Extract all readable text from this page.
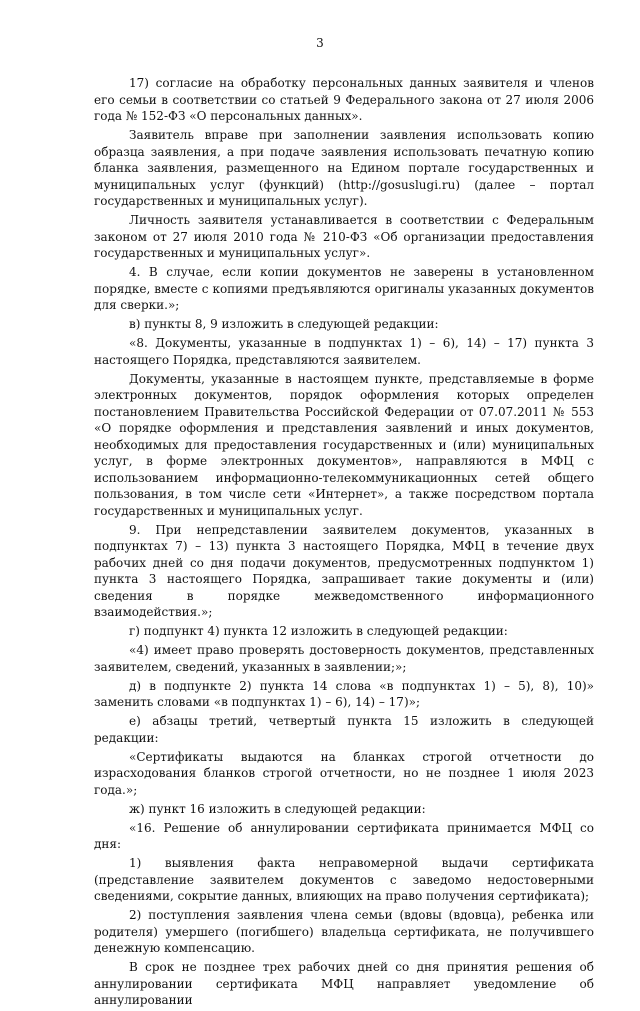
3

17) согласие на обработку персональных данных заявителя и членов его семьи в соответствии со статьей 9 Федерального закона от 27 июля 2006 года № 152-ФЗ «О персональных данных».

Заявитель вправе при заполнении заявления использовать копию образца заявления, а при подаче заявления использовать печатную копию бланка заявления, размещенного на Едином портале государственных и муниципальных услуг (функций) (http://gosuslugi.ru) (далее – портал государственных и муниципальных услуг).

Личность заявителя устанавливается в соответствии с Федеральным законом от 27 июля 2010 года № 210-ФЗ «Об организации предоставления государственных и муниципальных услуг».

4. В случае, если копии документов не заверены в установленном порядке, вместе с копиями предъявляются оригиналы указанных документов для сверки.»;

в) пункты 8, 9 изложить в следующей редакции:

«8. Документы, указанные в подпунктах 1) – 6), 14) – 17) пункта 3 настоящего Порядка, представляются заявителем.

Документы, указанные в настоящем пункте, представляемые в форме электронных документов, порядок оформления которых определен постановлением Правительства Российской Федерации от 07.07.2011 № 553 «О порядке оформления и представления заявлений и иных документов, необходимых для предоставления государственных и (или) муниципальных услуг, в форме электронных документов», направляются в МФЦ с использованием информационно-телекоммуникационных сетей общего пользования, в том числе сети «Интернет», а также посредством портала государственных и муниципальных услуг.

9. При непредставлении заявителем документов, указанных в подпунктах 7) – 13) пункта 3 настоящего Порядка, МФЦ в течение двух рабочих дней со дня подачи документов, предусмотренных подпунктом 1) пункта 3 настоящего Порядка, запрашивает такие документы и (или) сведения в порядке межведомственного информационного взаимодействия.»;

г) подпункт 4) пункта 12 изложить в следующей редакции:

«4) имеет право проверять достоверность документов, представленных заявителем, сведений, указанных в заявлении;»;

д) в подпункте 2) пункта 14 слова «в подпунктах 1) – 5), 8), 10)» заменить словами «в подпунктах 1) – 6), 14) – 17)»;

е) абзацы третий, четвертый пункта 15 изложить в следующей редакции:

«Сертификаты выдаются на бланках строгой отчетности до израсходования бланков строгой отчетности, но не позднее 1 июля 2023 года.»;

ж) пункт 16 изложить в следующей редакции:

«16. Решение об аннулировании сертификата принимается МФЦ со дня:

1) выявления факта неправомерной выдачи сертификата (представление заявителем документов с заведомо недостоверными сведениями, сокрытие данных, влияющих на право получения сертификата);

2) поступления заявления члена семьи (вдовы (вдовца), ребенка или родителя) умершего (погибшего) владельца сертификата, не получившего денежную компенсацию.

В срок не позднее трех рабочих дней со дня принятия решения об аннулировании сертификата МФЦ направляет уведомление об аннулировании
